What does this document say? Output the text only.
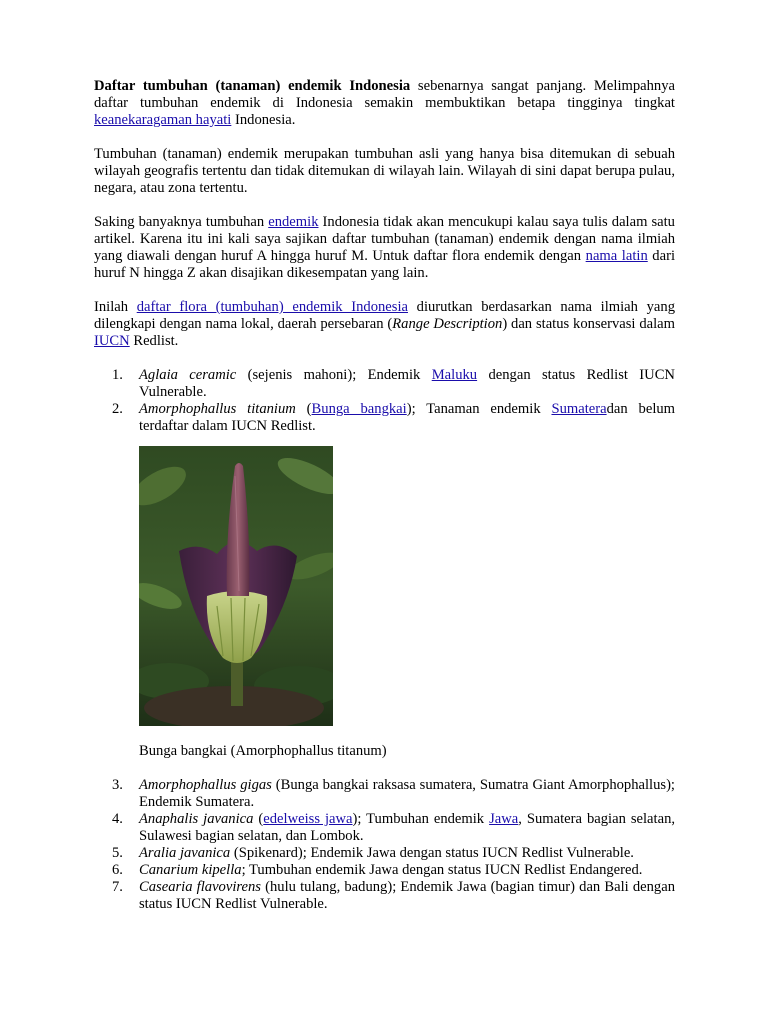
Daftar tumbuhan (tanaman) endemik Indonesia sebenarnya sangat panjang. Melimpahnya daftar tumbuhan endemik di Indonesia semakin membuktikan betapa tingginya tingkat keanekaragaman hayati Indonesia.

Tumbuhan (tanaman) endemik merupakan tumbuhan asli yang hanya bisa ditemukan di sebuah wilayah geografis tertentu dan tidak ditemukan di wilayah lain. Wilayah di sini dapat berupa pulau, negara, atau zona tertentu.

Saking banyaknya tumbuhan endemik Indonesia tidak akan mencukupi kalau saya tulis dalam satu artikel. Karena itu ini kali saya sajikan daftar tumbuhan (tanaman) endemik dengan nama ilmiah yang diawali dengan huruf A hingga huruf M. Untuk daftar flora endemik dengan nama latin dari huruf N hingga Z akan disajikan dikesempatan yang lain.

Inilah daftar flora (tumbuhan) endemik Indonesia diurutkan berdasarkan nama ilmiah yang dilengkapi dengan nama lokal, daerah persebaran (Range Description) dan status konservasi dalam IUCN Redlist.

1. Aglaia ceramic (sejenis mahoni); Endemik Maluku dengan status Redlist IUCN Vulnerable.
2. Amorphophallus titanium (Bunga bangkai); Tanaman endemik Sumateradan belum terdaftar dalam IUCN Redlist.
Bunga bangkai (Amorphophallus titanum)
3. Amorphophallus gigas (Bunga bangkai raksasa sumatera, Sumatra Giant Amorphophallus); Endemik Sumatera.
4. Anaphalis javanica (edelweiss jawa); Tumbuhan endemik Jawa, Sumatera bagian selatan, Sulawesi bagian selatan, dan Lombok.
5. Aralia javanica (Spikenard); Endemik Jawa dengan status IUCN Redlist Vulnerable.
6. Canarium kipella; Tumbuhan endemik Jawa dengan status IUCN Redlist Endangered.
7. Casearia flavovirens (hulu tulang, badung); Endemik Jawa (bagian timur) dan Bali dengan status IUCN Redlist Vulnerable.
